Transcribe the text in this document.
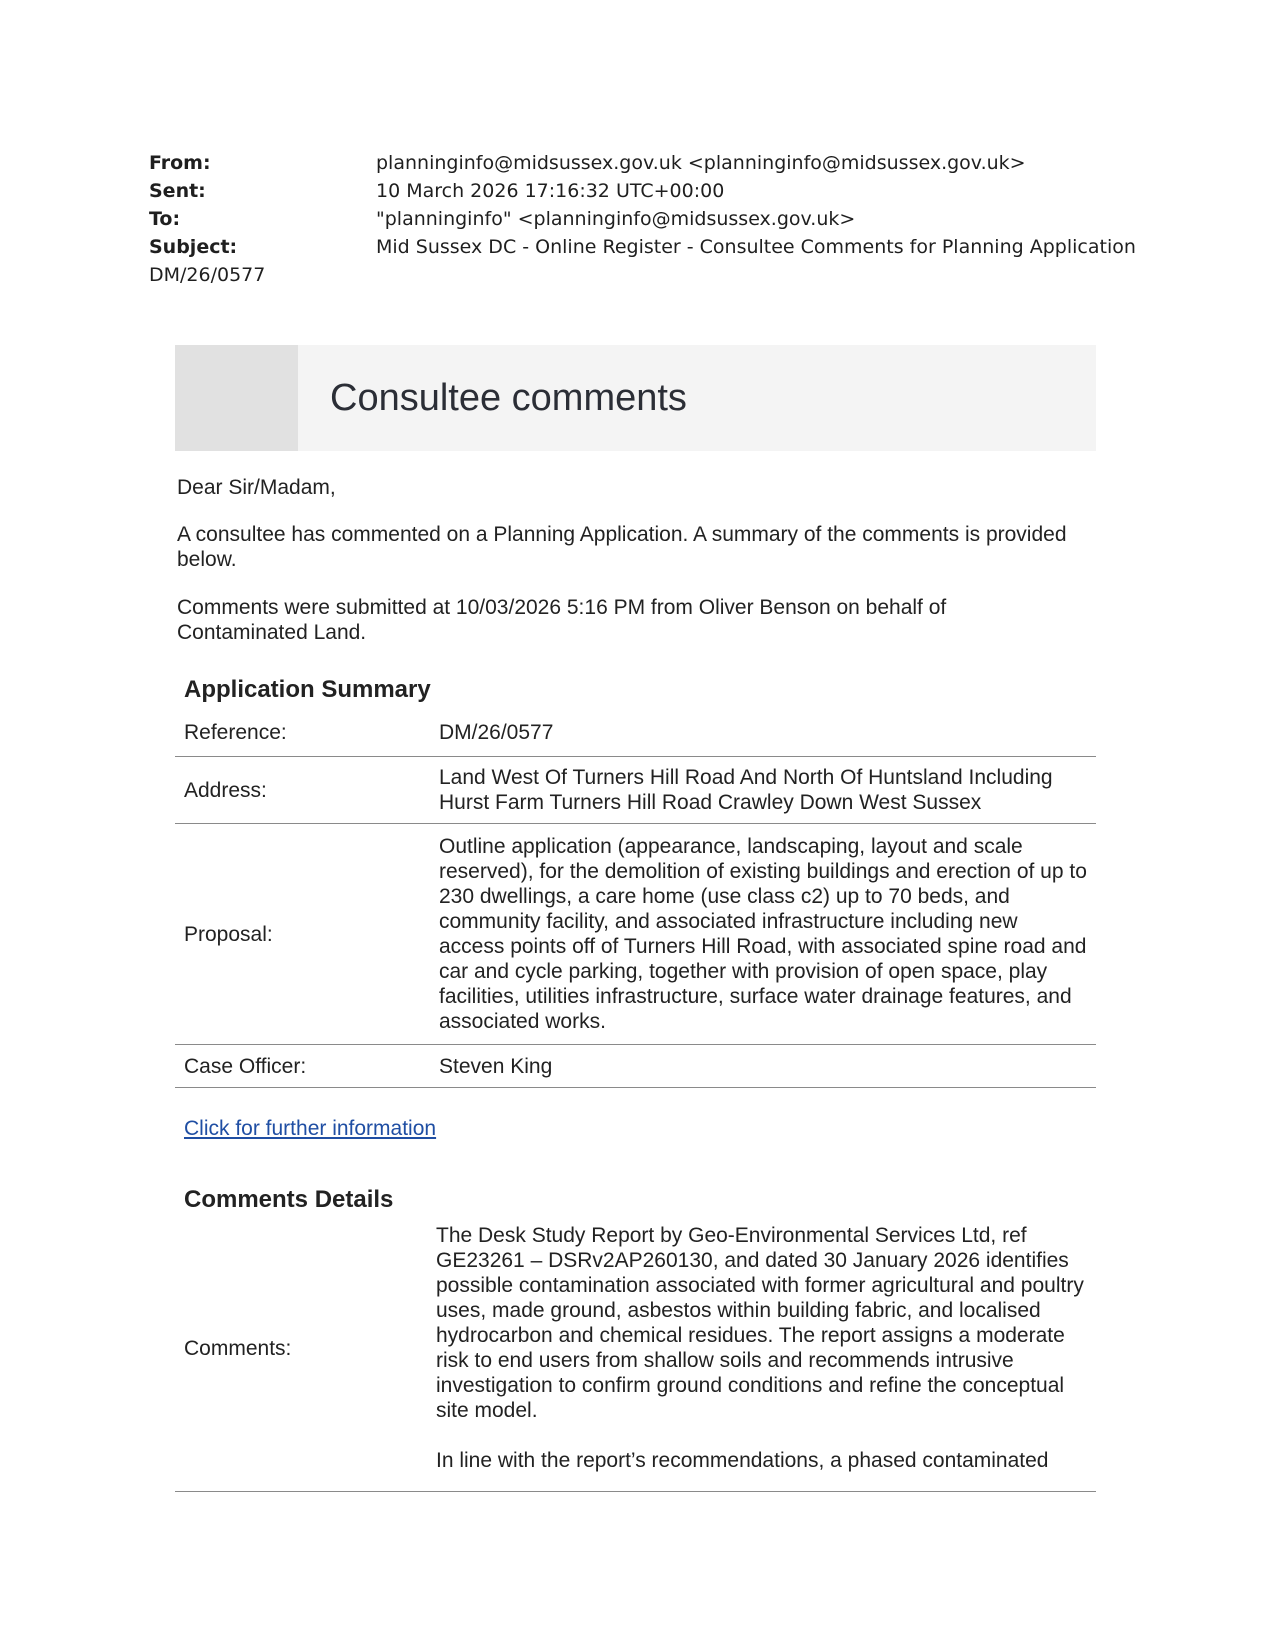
From:	planninginfo@midsussex.gov.uk <planninginfo@midsussex.gov.uk>
Sent:	10 March 2026 17:16:32 UTC+00:00
To:	"planninginfo" <planninginfo@midsussex.gov.uk>
Subject:	Mid Sussex DC - Online Register - Consultee Comments for Planning Application
DM/26/0577
Consultee comments
Dear Sir/Madam,
A consultee has commented on a Planning Application. A summary of the comments is provided below.
Comments were submitted at 10/03/2026 5:16 PM from Oliver Benson on behalf of Contaminated Land.
Application Summary
Reference:	DM/26/0577
Address:	Land West Of Turners Hill Road And North Of Huntsland Including Hurst Farm Turners Hill Road Crawley Down West Sussex
Proposal:	Outline application (appearance, landscaping, layout and scale reserved), for the demolition of existing buildings and erection of up to 230 dwellings, a care home (use class c2) up to 70 beds, and community facility, and associated infrastructure including new access points off of Turners Hill Road, with associated spine road and car and cycle parking, together with provision of open space, play facilities, utilities infrastructure, surface water drainage features, and associated works.
Case Officer:	Steven King
Click for further information
Comments Details
Comments:

The Desk Study Report by Geo-Environmental Services Ltd, ref GE23261 – DSRv2AP260130, and dated 30 January 2026 identifies possible contamination associated with former agricultural and poultry uses, made ground, asbestos within building fabric, and localised hydrocarbon and chemical residues. The report assigns a moderate risk to end users from shallow soils and recommends intrusive investigation to confirm ground conditions and refine the conceptual site model.

In line with the report’s recommendations, a phased contaminated
